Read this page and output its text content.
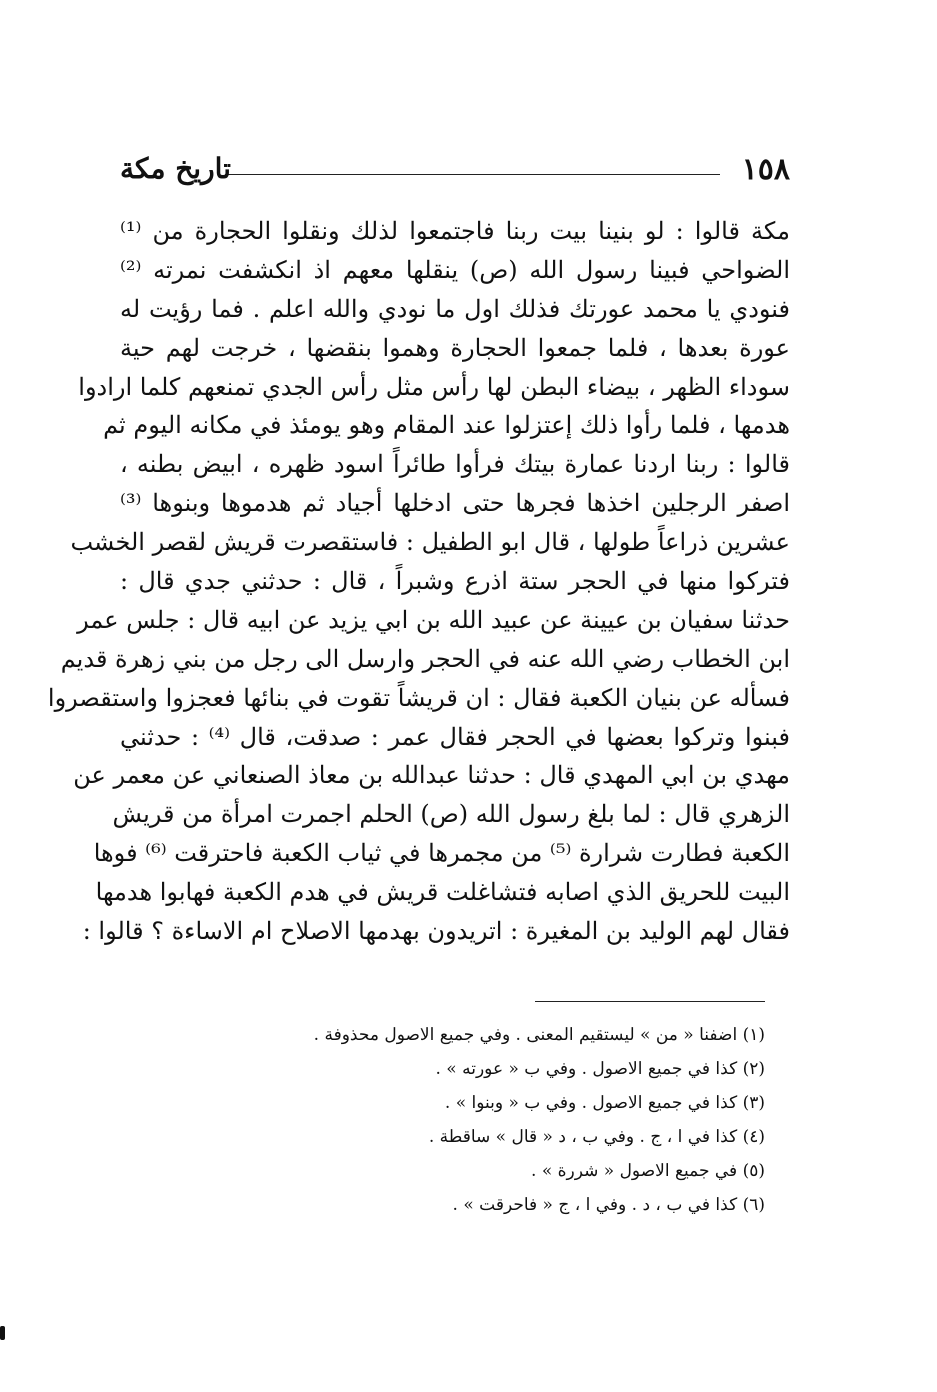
١٥٨
تاريخ مكة
مكة قالوا : لو بنينا بيت ربنا فاجتمعوا لذلك ونقلوا الحجارة من ⁽¹⁾
الضواحي فبينا رسول الله (ص) ينقلها معهم اذ انكشفت نمرته ⁽²⁾
فنودي يا محمد عورتك فذلك اول ما نودي والله اعلم . فما رؤيت له
عورة بعدها ، فلما جمعوا الحجارة وهموا بنقضها ، خرجت لهم حية
سوداء الظهر ، بيضاء البطن لها رأس مثل رأس الجدي تمنعهم كلما ارادوا
هدمها ، فلما رأوا ذلك إعتزلوا عند المقام وهو يومئذ في مكانه اليوم ثم
قالوا : ربنا اردنا عمارة بيتك فرأوا طائراً اسود ظهره ، ابيض بطنه ،
اصفر الرجلين اخذها فجرها حتى ادخلها أجياد ثم هدموها وبنوها ⁽³⁾
عشرين ذراعاً طولها ، قال ابو الطفيل : فاستقصرت قريش لقصر الخشب
فتركوا منها في الحجر ستة اذرع وشبراً ، قال : حدثني جدي قال :
حدثنا سفيان بن عيينة عن عبيد الله بن ابي يزيد عن ابيه قال : جلس عمر
ابن الخطاب رضي الله عنه في الحجر وارسل الى رجل من بني زهرة قديم
فسأله عن بنيان الكعبة فقال : ان قريشاً تقوت في بنائها فعجزوا واستقصروا
فبنوا وتركوا بعضها في الحجر فقال عمر : صدقت، قال ⁽⁴⁾ : حدثني
مهدي بن ابي المهدي قال : حدثنا عبدالله بن معاذ الصنعاني عن معمر عن
الزهري قال : لما بلغ رسول الله (ص) الحلم اجمرت امرأة من قريش
الكعبة فطارت شرارة ⁽⁵⁾ من مجمرها في ثياب الكعبة فاحترقت ⁽⁶⁾ فوها
البيت للحريق الذي اصابه فتشاغلت قريش في هدم الكعبة فهابوا هدمها
فقال لهم الوليد بن المغيرة : اتريدون بهدمها الاصلاح ام الاساءة ؟ قالوا :
(١) اضفنا « من » ليستقيم المعنى . وفي جميع الاصول محذوفة .
(٢) كذا في جميع الاصول . وفي ب « عورته » .
(٣) كذا في جميع الاصول . وفي ب « وبنوا » .
(٤) كذا في ا ، ج . وفي ب ، د « قال » ساقطة .
(٥) في جميع الاصول « شررة » .
(٦) كذا في ب ، د . وفي ا ، ج « فاحرقت » .
